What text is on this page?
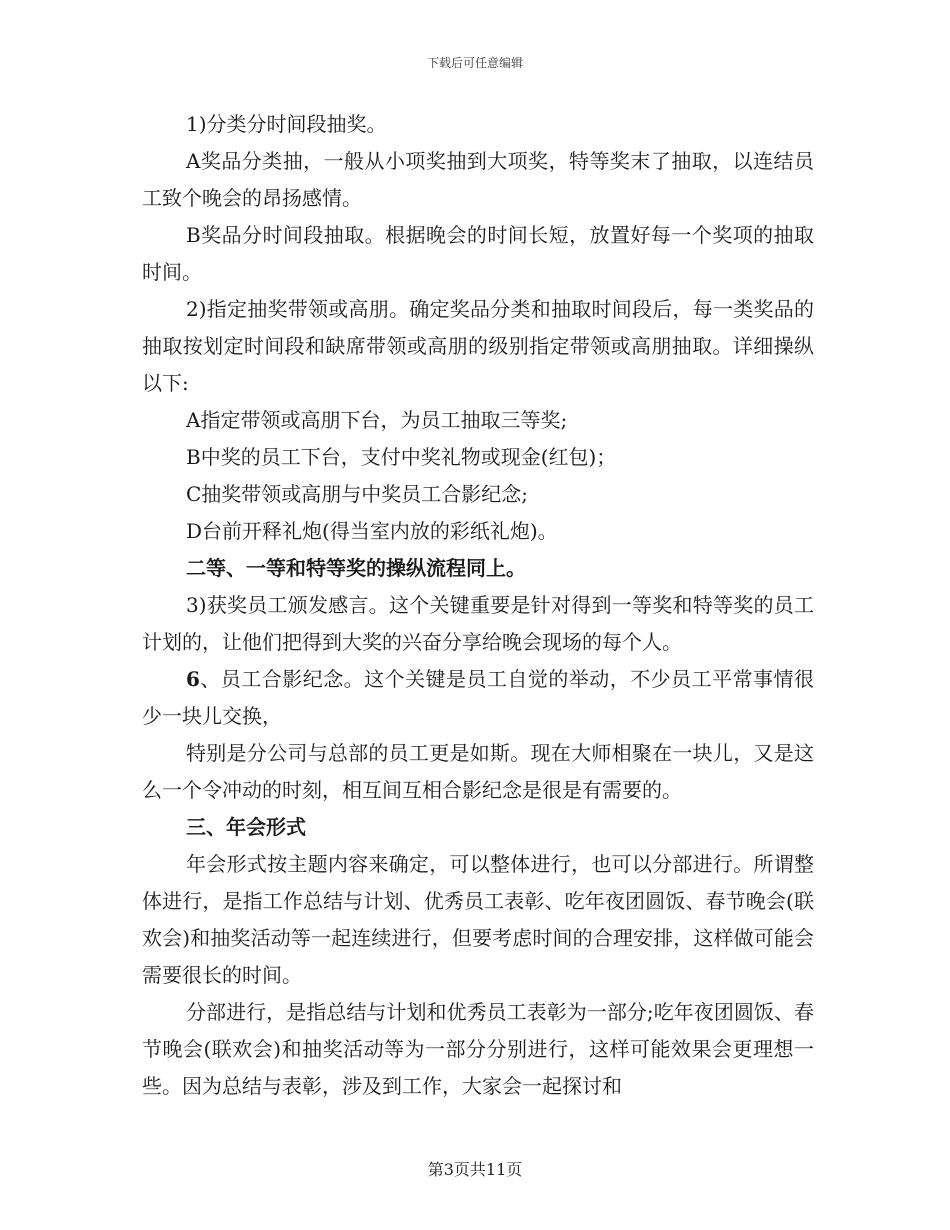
下载后可任意编辑

1)分类分时间段抽奖。

A奖品分类抽，一般从小项奖抽到大项奖，特等奖末了抽取，以连结员工致个晚会的昂扬感情。

B奖品分时间段抽取。根据晚会的时间长短，放置好每一个奖项的抽取时间。

2)指定抽奖带领或高朋。确定奖品分类和抽取时间段后，每一类奖品的抽取按划定时间段和缺席带领或高朋的级别指定带领或高朋抽取。详细操纵以下:

A指定带领或高朋下台，为员工抽取三等奖;

B中奖的员工下台，支付中奖礼物或现金(红包)；

C抽奖带领或高朋与中奖员工合影纪念;

D台前开释礼炮(得当室内放的彩纸礼炮)。

二等、一等和特等奖的操纵流程同上。

3)获奖员工颁发感言。这个关键重要是针对得到一等奖和特等奖的员工计划的，让他们把得到大奖的兴奋分享给晚会现场的每个人。

6、员工合影纪念。这个关键是员工自觉的举动，不少员工平常事情很少一块儿交换，

特别是分公司与总部的员工更是如斯。现在大师相聚在一块儿，又是这么一个令冲动的时刻，相互间互相合影纪念是很是有需要的。

三、年会形式

年会形式按主题内容来确定，可以整体进行，也可以分部进行。所谓整体进行，是指工作总结与计划、优秀员工表彰、吃年夜团圆饭、春节晚会(联欢会)和抽奖活动等一起连续进行，但要考虑时间的合理安排，这样做可能会需要很长的时间。

分部进行，是指总结与计划和优秀员工表彰为一部分;吃年夜团圆饭、春节晚会(联欢会)和抽奖活动等为一部分分别进行，这样可能效果会更理想一些。因为总结与表彰，涉及到工作，大家会一起探讨和

第3页共11页
